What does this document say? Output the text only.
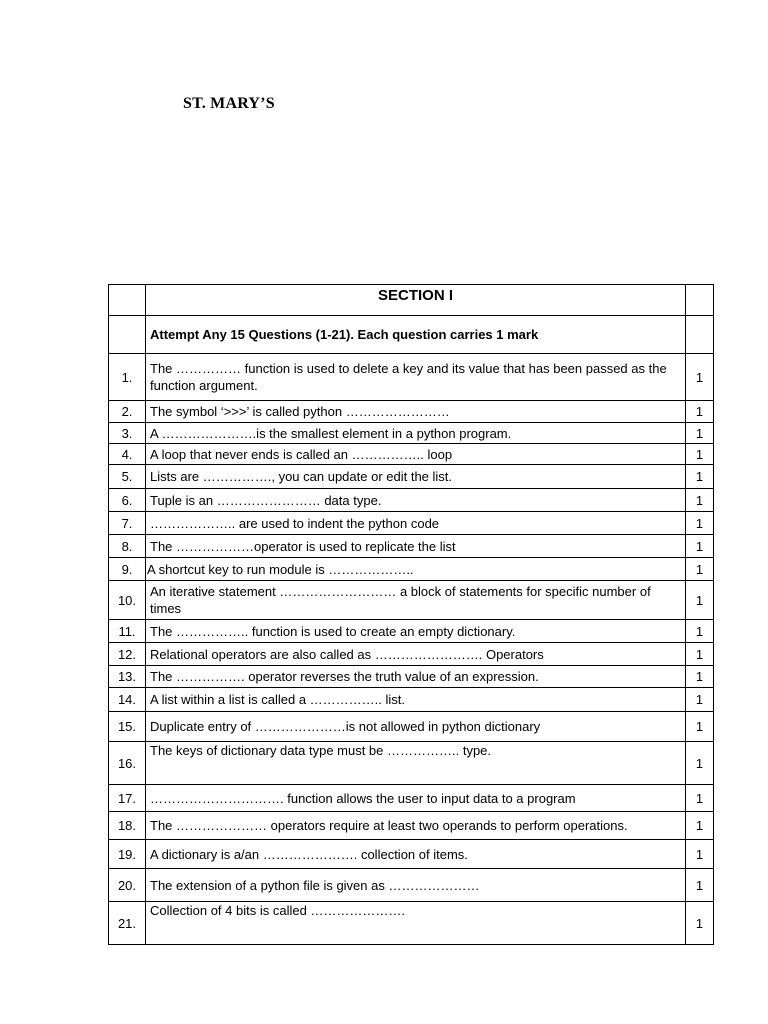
ST. MARY’S
	SECTION I	
	Attempt Any 15 Questions (1-21). Each question carries 1 mark	
1.	The …………… function is used to delete a key and its value that has been passed as the function argument.	1
2.	The symbol ‘>>>’ is called python ……………………	1
3.	A ………………….is the smallest element in a python program.	1
4.	A loop that never ends is called an …………….. loop	1
5.	Lists are ……………., you can update or edit the list.	1
6.	Tuple is an …………………… data type.	1
7.	……………….. are used to indent the python code	1
8.	The ………………operator is used to replicate the list	1
9.	A shortcut key to run module is ………………..	1
10.	An iterative statement ……………………… a block of statements for specific number of times	1
11.	The …………….. function is used to create an empty dictionary.	1
12.	Relational operators are also called as ……………………. Operators	1
13.	The ……………. operator reverses the truth value of an expression.	1
14.	A list within a list is called a …………….. list.	1
15.	Duplicate entry of …………………is not allowed in python dictionary	1
16.	The keys of dictionary data type must be …………….. type.	1
17.	…………………………. function allows the user to input data to a program	1
18.	The ………………… operators require at least two operands to perform operations.	1
19.	A dictionary is a/an …………………. collection of items.	1
20.	The extension of a python file is given as …………………	1
21.	Collection of 4 bits is called ………………….	1
